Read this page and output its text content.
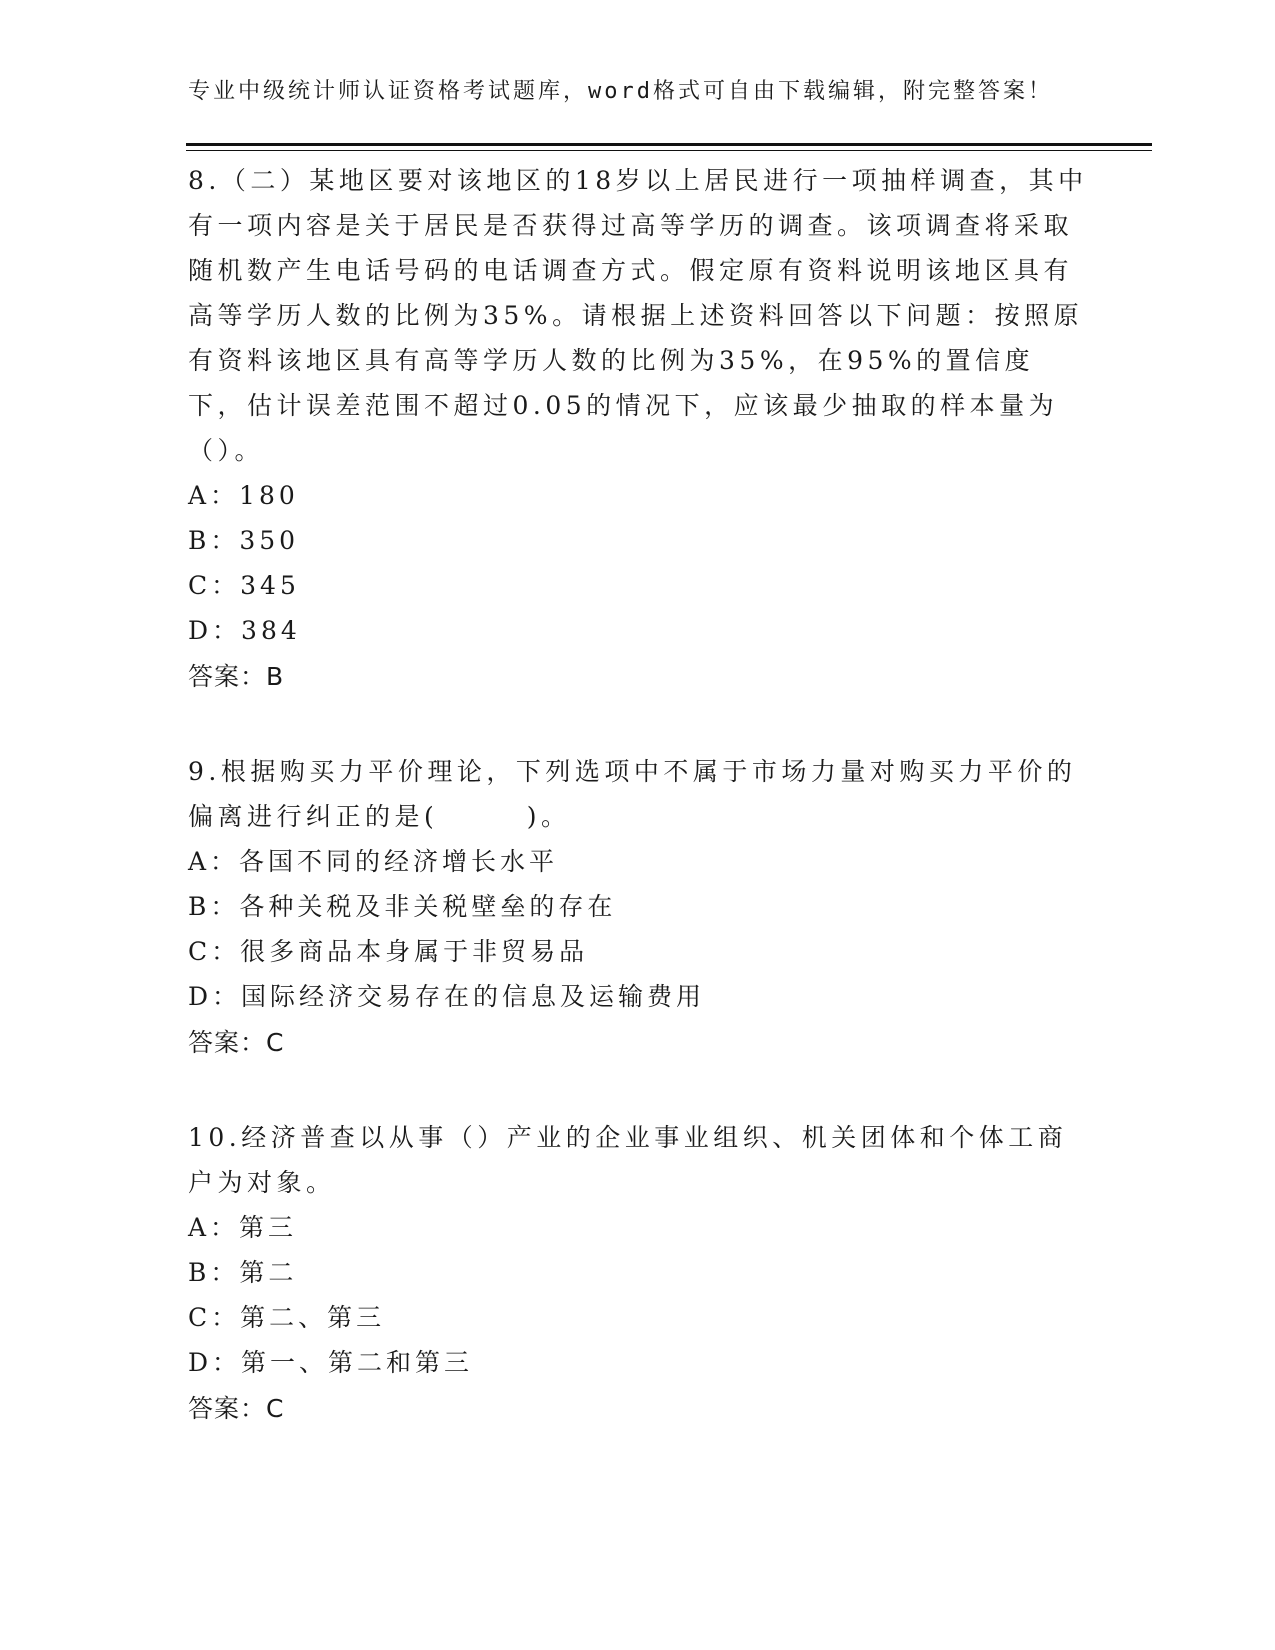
专业中级统计师认证资格考试题库，word格式可自由下载编辑，附完整答案！

8.（二）某地区要对该地区的18岁以上居民进行一项抽样调查，其中有一项内容是关于居民是否获得过高等学历的调查。该项调查将采取随机数产生电话号码的电话调查方式。假定原有资料说明该地区具有高等学历人数的比例为35%。请根据上述资料回答以下问题：按照原有资料该地区具有高等学历人数的比例为35%，在95%的置信度下，估计误差范围不超过0.05的情况下，应该最少抽取的样本量为（）。

A：180

B：350

C：345

D：384

答案：B

9.根据购买力平价理论，下列选项中不属于市场力量对购买力平价的偏离进行纠正的是(　　　)。

A：各国不同的经济增长水平

B：各种关税及非关税壁垒的存在

C：很多商品本身属于非贸易品

D：国际经济交易存在的信息及运输费用

答案：C

10.经济普查以从事（）产业的企业事业组织、机关团体和个体工商户为对象。

A：第三

B：第二

C：第二、第三

D：第一、第二和第三

答案：C
